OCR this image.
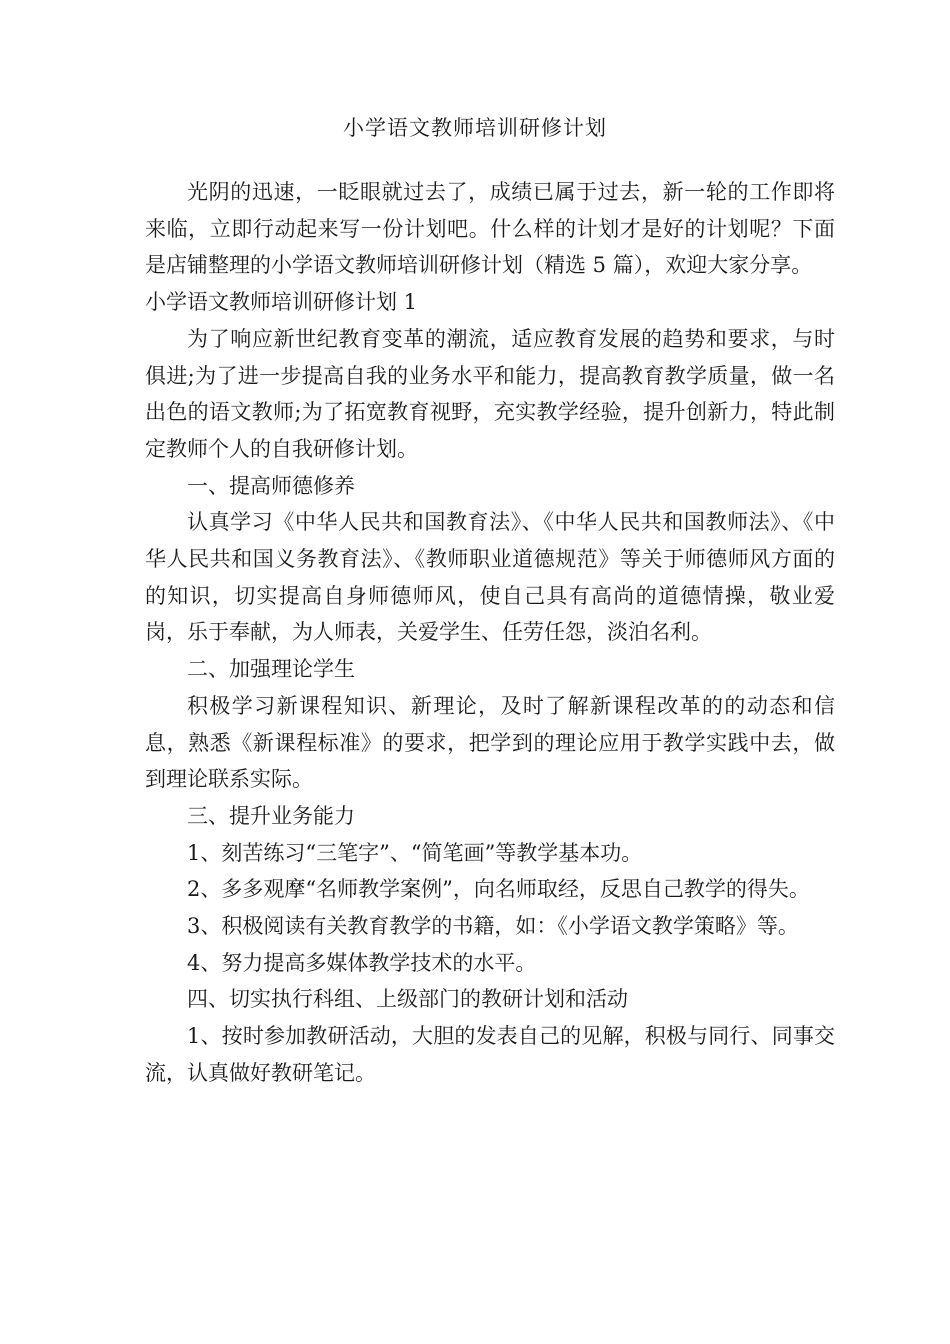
小学语文教师培训研修计划

光阴的迅速，一眨眼就过去了，成绩已属于过去，新一轮的工作即将来临，立即行动起来写一份计划吧。什么样的计划才是好的计划呢？下面是店铺整理的小学语文教师培训研修计划（精选 5 篇），欢迎大家分享。

小学语文教师培训研修计划 1

为了响应新世纪教育变革的潮流，适应教育发展的趋势和要求，与时俱进;为了进一步提高自我的业务水平和能力，提高教育教学质量，做一名出色的语文教师;为了拓宽教育视野，充实教学经验，提升创新力，特此制定教师个人的自我研修计划。

一、提高师德修养

认真学习《中华人民共和国教育法》、《中华人民共和国教师法》、《中华人民共和国义务教育法》、《教师职业道德规范》等关于师德师风方面的的知识，切实提高自身师德师风，使自己具有高尚的道德情操，敬业爱岗，乐于奉献，为人师表，关爱学生、任劳任怨，淡泊名利。

二、加强理论学生

积极学习新课程知识、新理论，及时了解新课程改革的的动态和信息，熟悉《新课程标准》的要求，把学到的理论应用于教学实践中去，做到理论联系实际。

三、提升业务能力

1、刻苦练习“三笔字”、“简笔画”等教学基本功。

2、多多观摩“名师教学案例”，向名师取经，反思自己教学的得失。

3、积极阅读有关教育教学的书籍，如：《小学语文教学策略》等。

4、努力提高多媒体教学技术的水平。

四、切实执行科组、上级部门的教研计划和活动

1、按时参加教研活动，大胆的发表自己的见解，积极与同行、同事交流，认真做好教研笔记。
